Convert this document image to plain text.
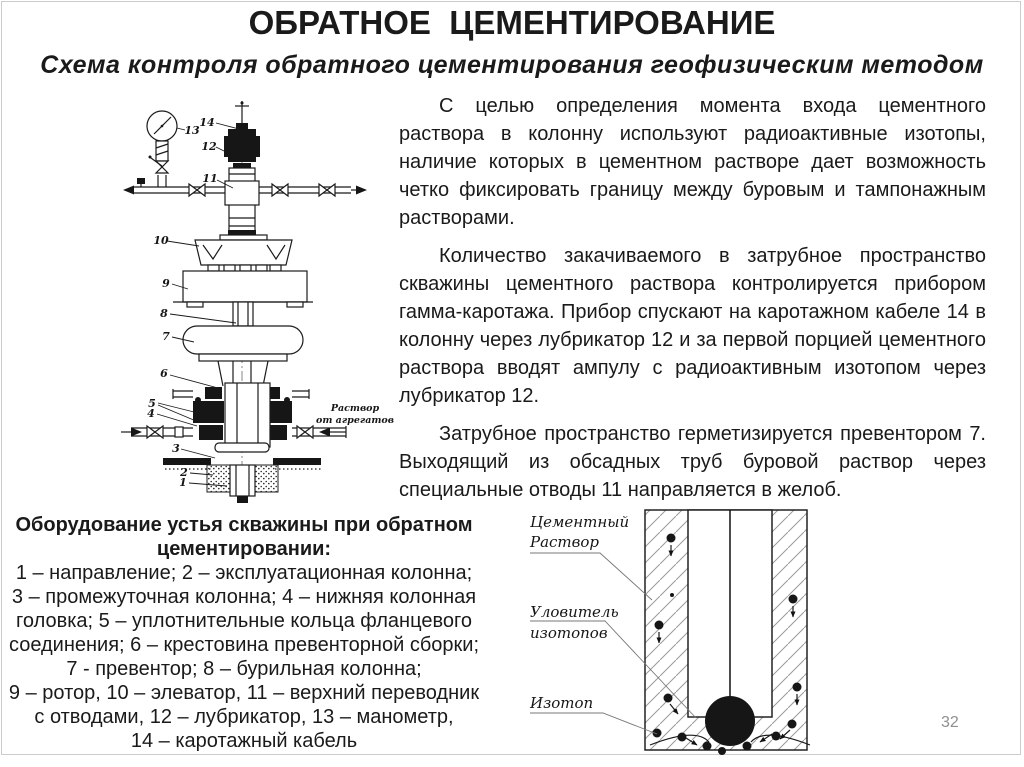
ОБРАТНОЕ  ЦЕМЕНТИРОВАНИЕ
Схема контроля обратного цементирования геофизическим методом

С целью определения момента входа цементного раствора в колонну используют радиоактивные изотопы, наличие которых в цементном растворе дает возможность четко фиксировать границу между буровым и тампонажным растворами.

Количество закачиваемого в затрубное пространство скважины цементного раствора контролируется прибором гамма-каротажа. Прибор спускают на каротажном кабеле 14 в колонну через лубрикатор 12 и за первой порцией цементного раствора вводят ампулу с радиоактивным изотопом через лубрикатор 12.

Затрубное пространство герметизируется превентором 7. Выходящий из обсадных труб буровой раствор через специальные отводы 11 направляется в желоб.

Раствор
от агрегатов
14
13
12
11
10
9
8
7
6
5
4
3
2
1
Оборудование устья скважины при обратном
цементировании:
1 – направление; 2 – эксплуатационная колонна;
3 – промежуточная колонна; 4 – нижняя колонная
головка; 5 – уплотнительные кольца фланцевого
соединения; 6 – крестовина превенторной сборки;
7 - превентор; 8 – бурильная колонна;
9 – ротор, 10 – элеватор, 11 – верхний переводник
с отводами, 12 – лубрикатор, 13 – манометр,
14 – каротажный кабель
Цементный
Раствор
Уловитель
изотопов
Изотоп
32
